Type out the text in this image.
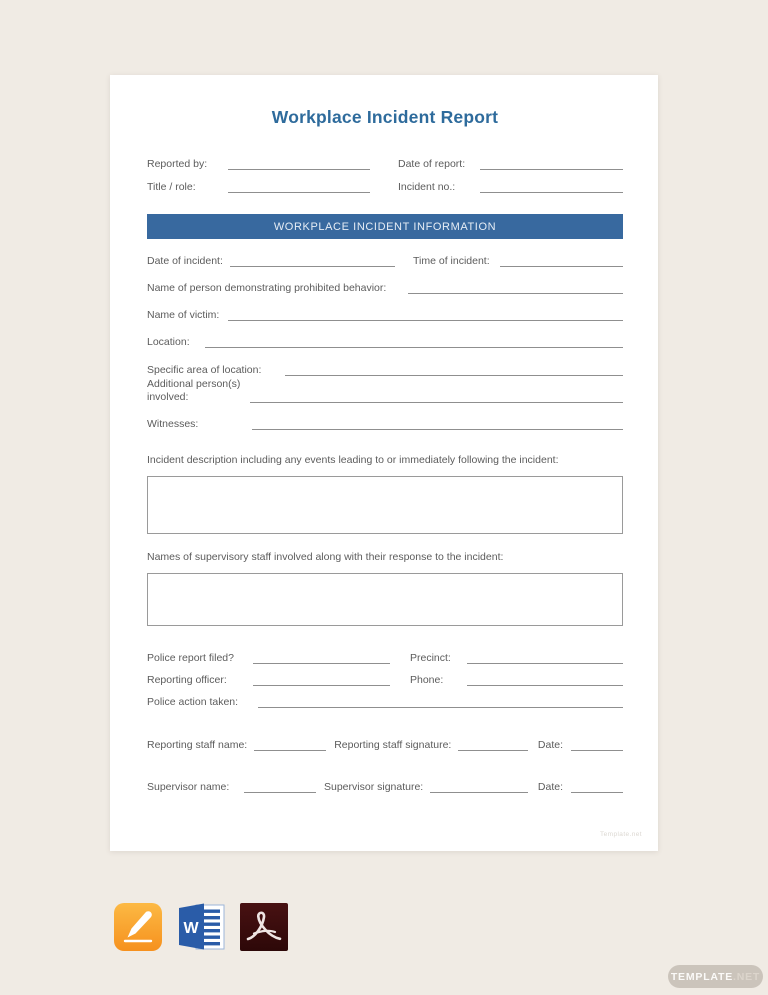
Workplace Incident Report
Reported by:	Date of report:
Title / role:	Incident no.:
WORKPLACE INCIDENT INFORMATION
Date of incident:	Time of incident:
Name of person demonstrating prohibited behavior:
Name of victim:
Location:
Specific area of location:
Additional person(s)
involved:
Witnesses:
Incident description including any events leading to or immediately following the incident:
Names of supervisory staff involved along with their response to the incident:
Police report filed?	Precinct:
Reporting officer:	Phone:
Police action taken:
Reporting staff name:	Reporting staff signature:	Date:
Supervisor name:	Supervisor signature:	Date:
Template.net
W
TEMPLATE .NET
